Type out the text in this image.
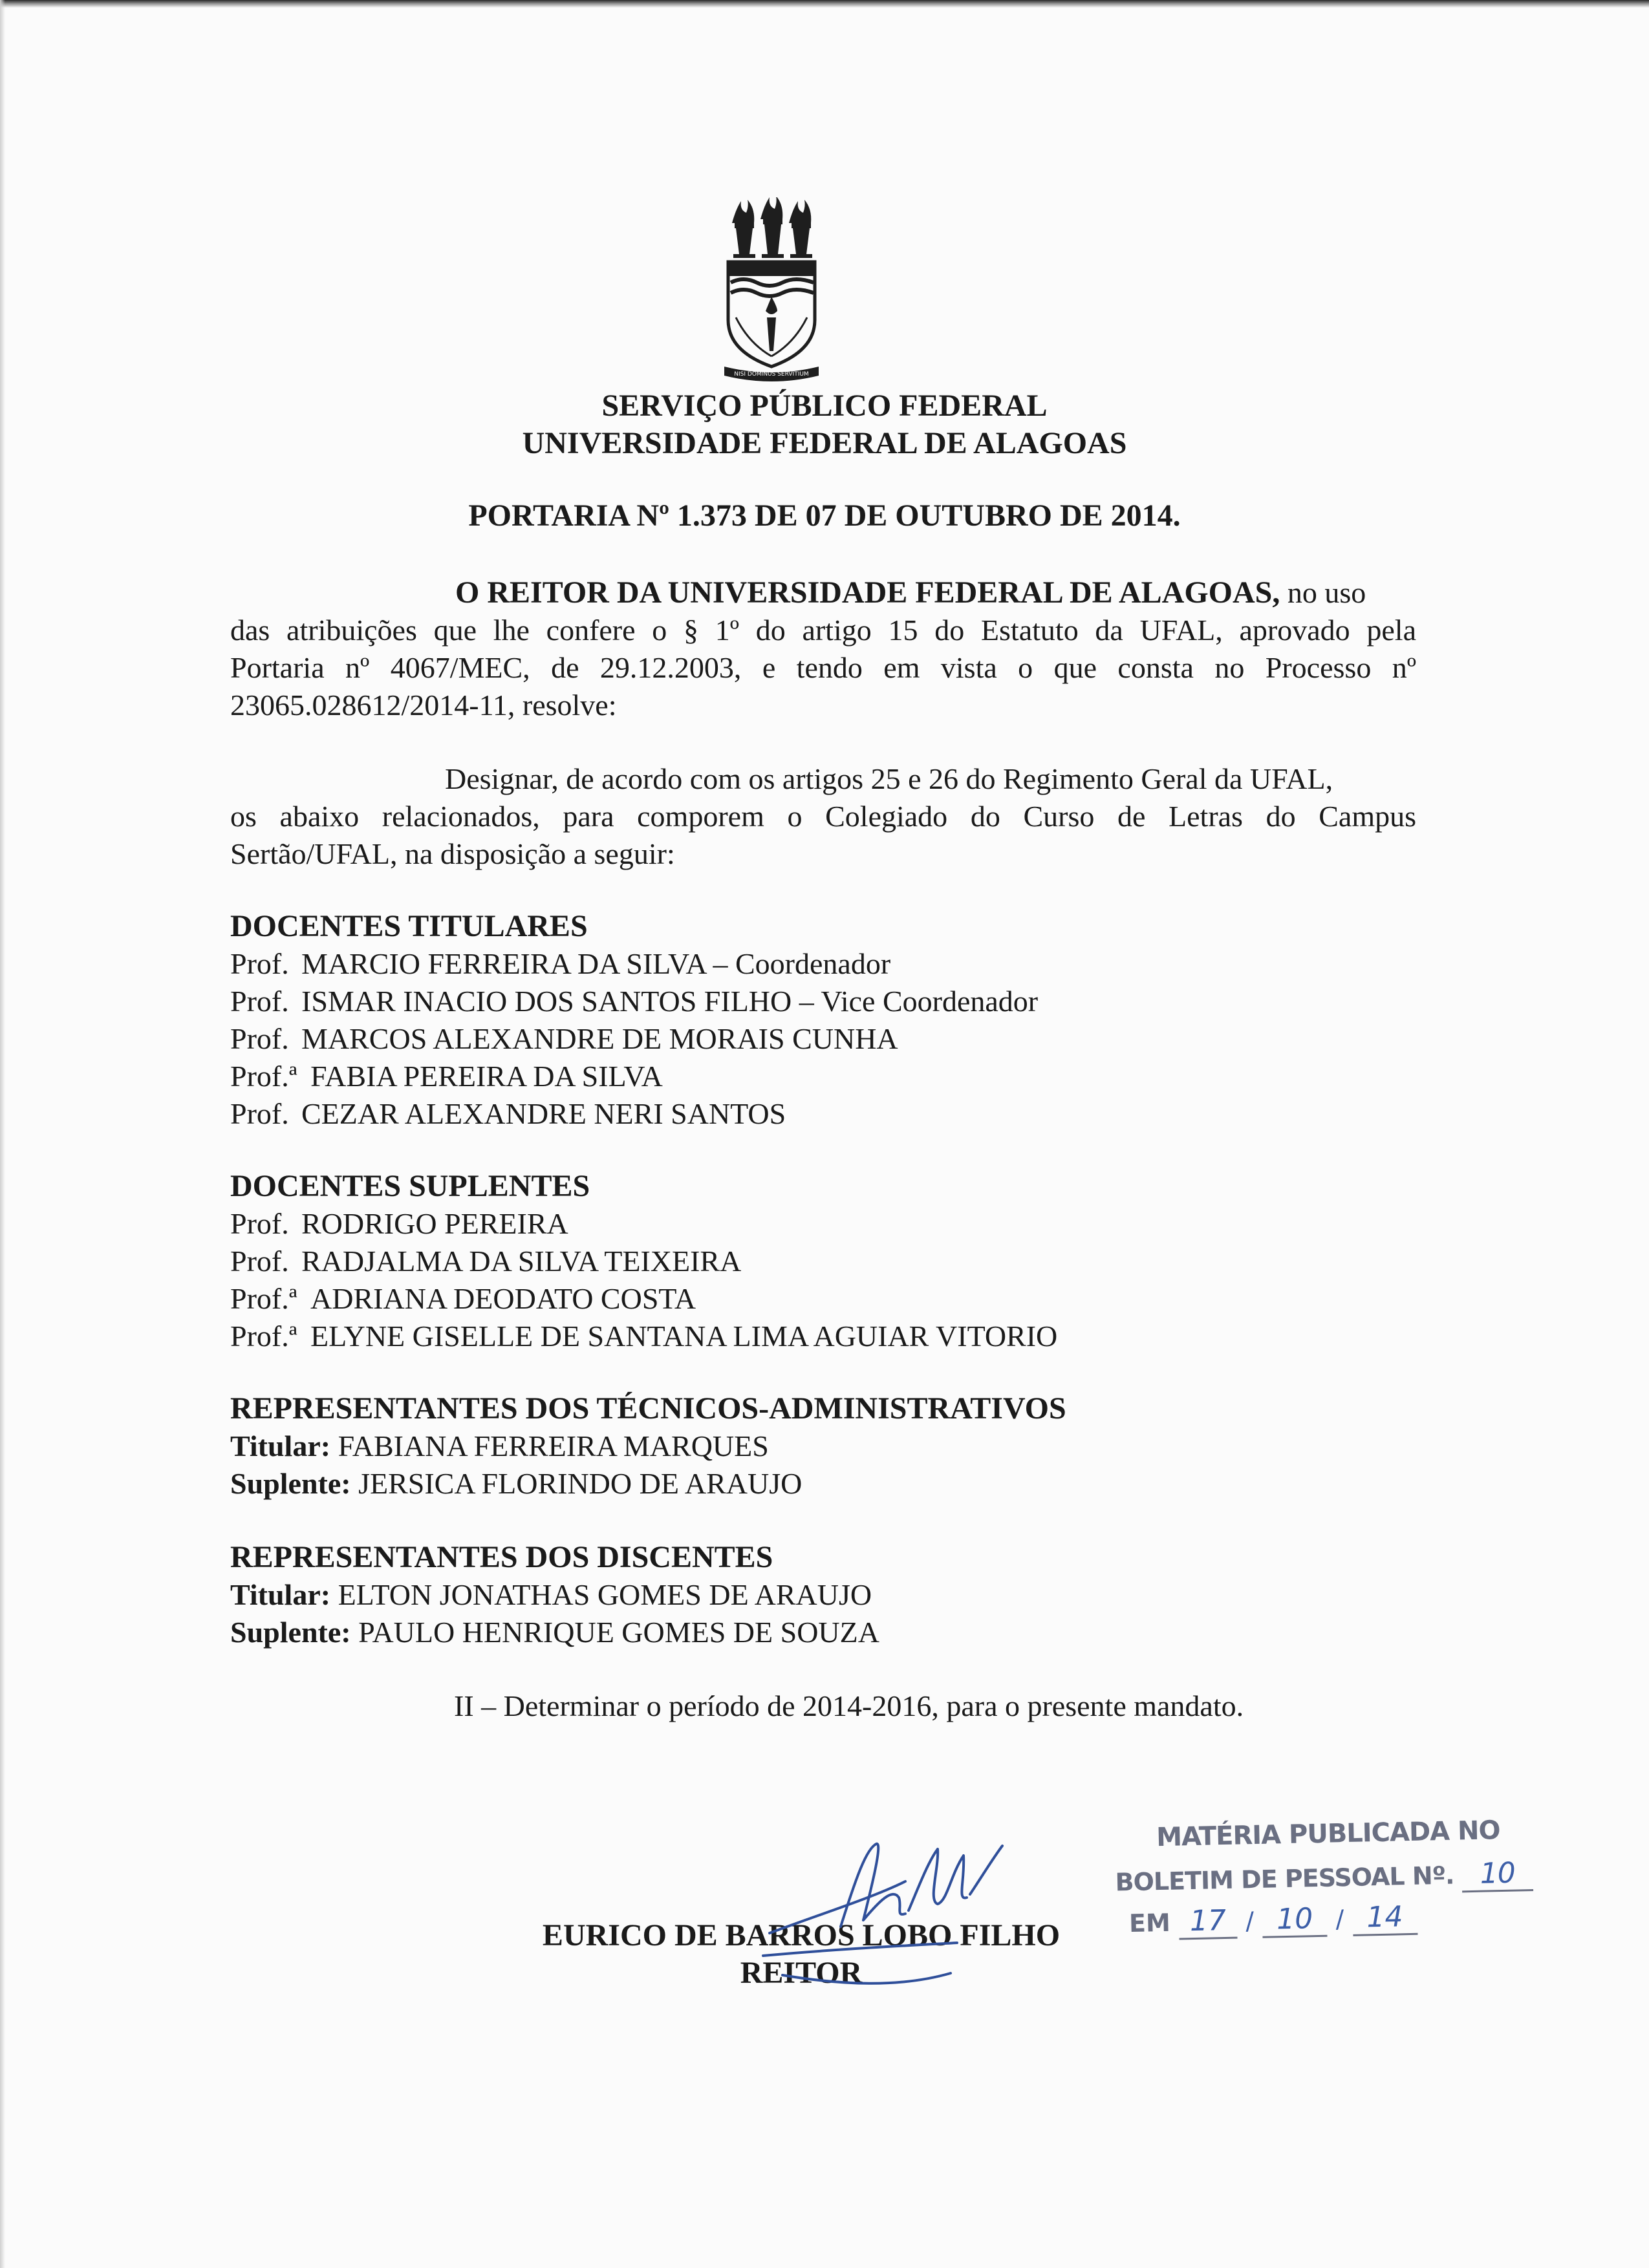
NISI DOMINUS SERVITIUM
SERVIÇO PÚBLICO FEDERAL
UNIVERSIDADE FEDERAL DE ALAGOAS
PORTARIA Nº 1.373 DE 07 DE OUTUBRO DE 2014.
O REITOR DA UNIVERSIDADE FEDERAL DE ALAGOAS, no uso
das atribuições que lhe confere o § 1º do artigo 15 do Estatuto da UFAL, aprovado pela
Portaria nº 4067/MEC, de 29.12.2003, e tendo em vista o que consta no Processo nº
23065.028612/2014-11, resolve:
Designar, de acordo com os artigos 25 e 26 do Regimento Geral da UFAL,
os abaixo relacionados, para comporem o Colegiado do Curso de Letras do Campus
Sertão/UFAL, na disposição a seguir:
DOCENTES TITULARES
Prof. MARCIO FERREIRA DA SILVA – Coordenador
Prof. ISMAR INACIO DOS SANTOS FILHO – Vice Coordenador
Prof. MARCOS ALEXANDRE DE MORAIS CUNHA
Prof.ª FABIA PEREIRA DA SILVA
Prof. CEZAR ALEXANDRE NERI SANTOS
DOCENTES SUPLENTES
Prof. RODRIGO PEREIRA
Prof. RADJALMA DA SILVA TEIXEIRA
Prof.ª ADRIANA DEODATO COSTA
Prof.ª ELYNE GISELLE DE SANTANA LIMA AGUIAR VITORIO
REPRESENTANTES DOS TÉCNICOS-ADMINISTRATIVOS
Titular: FABIANA FERREIRA MARQUES
Suplente: JERSICA FLORINDO DE ARAUJO
REPRESENTANTES DOS DISCENTES
Titular: ELTON JONATHAS GOMES DE ARAUJO
Suplente: PAULO HENRIQUE GOMES DE SOUZA
II – Determinar o período de 2014-2016, para o presente mandato.
EURICO DE BARROS LOBO FILHO
REITOR
MATÉRIA PUBLICADA NO
BOLETIM DE PESSOAL Nº. 10
EM 17 / 10 / 14
